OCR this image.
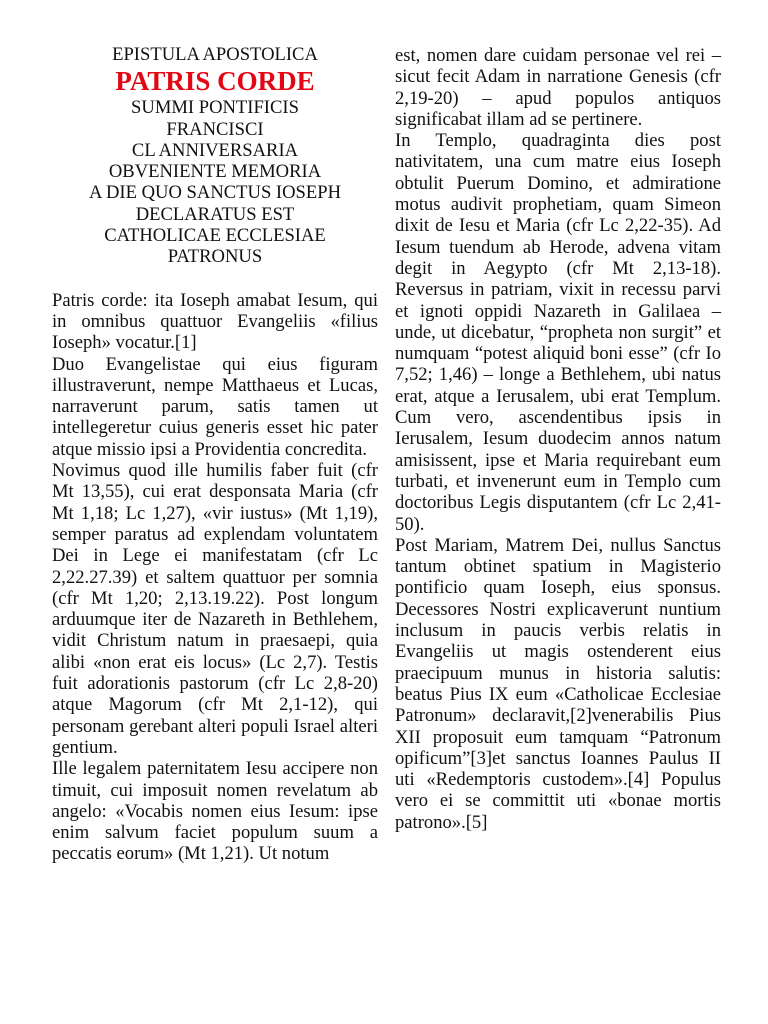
EPISTULA APOSTOLICA
PATRIS CORDE
SUMMI PONTIFICIS
FRANCISCI
CL ANNIVERSARIA
OBVENIENTE MEMORIA
A DIE QUO SANCTUS IOSEPH
DECLARATUS EST
CATHOLICAE ECCLESIAE
PATRONUS

Patris corde: ita Ioseph amabat Iesum, qui in omnibus quattuor Evangeliis «filius Ioseph» vocatur.[1]

Duo Evangelistae qui eius figuram illustraverunt, nempe Matthaeus et Lucas, narraverunt parum, satis tamen ut intellegeretur cuius generis esset hic pater atque missio ipsi a Providentia concredita.

Novimus quod ille humilis faber fuit (cfr Mt 13,55), cui erat desponsata Maria (cfr Mt 1,18; Lc 1,27), «vir iustus» (Mt 1,19), semper paratus ad explendam voluntatem Dei in Lege ei manifestatam (cfr Lc 2,22.27.39) et saltem quattuor per somnia (cfr Mt 1,20; 2,13.19.22). Post longum arduumque iter de Nazareth in Bethlehem, vidit Christum natum in praesaepi, quia alibi «non erat eis locus» (Lc 2,7). Testis fuit adorationis pastorum (cfr Lc 2,8-20) atque Magorum (cfr Mt 2,1-12), qui personam gerebant alteri populi Israel alteri gentium.

Ille legalem paternitatem Iesu accipere non timuit, cui imposuit nomen revelatum ab angelo: «Vocabis nomen eius Iesum: ipse enim salvum faciet populum suum a peccatis eorum» (Mt 1,21). Ut notum

est, nomen dare cuidam personae vel rei – sicut fecit Adam in narratione Genesis (cfr 2,19-20) – apud populos antiquos significabat illam ad se pertinere.

In Templo, quadraginta dies post nativitatem, una cum matre eius Ioseph obtulit Puerum Domino, et admiratione motus audivit prophetiam, quam Simeon dixit de Iesu et Maria (cfr Lc 2,22-35). Ad Iesum tuendum ab Herode, advena vitam degit in Aegypto (cfr Mt 2,13-18). Reversus in patriam, vixit in recessu parvi et ignoti oppidi Nazareth in Galilaea – unde, ut dicebatur, “propheta non surgit” et numquam “potest aliquid boni esse” (cfr Io 7,52; 1,46) – longe a Bethlehem, ubi natus erat, atque a Ierusalem, ubi erat Templum. Cum vero, ascendentibus ipsis in Ierusalem, Iesum duodecim annos natum amisissent, ipse et Maria requirebant eum turbati, et invenerunt eum in Templo cum doctoribus Legis disputantem (cfr Lc 2,41-50).

Post Mariam, Matrem Dei, nullus Sanctus tantum obtinet spatium in Magisterio pontificio quam Ioseph, eius sponsus. Decessores Nostri explicaverunt nuntium inclusum in paucis verbis relatis in Evangeliis ut magis ostenderent eius praecipuum munus in historia salutis: beatus Pius IX eum «Catholicae Ecclesiae Patronum» declaravit,[2]venerabilis Pius XII proposuit eum tamquam “Patronum opificum”[3]et sanctus Ioannes Paulus II uti «Redemptoris custodem».[4] Populus vero ei se committit uti «bonae mortis patrono».[5]
